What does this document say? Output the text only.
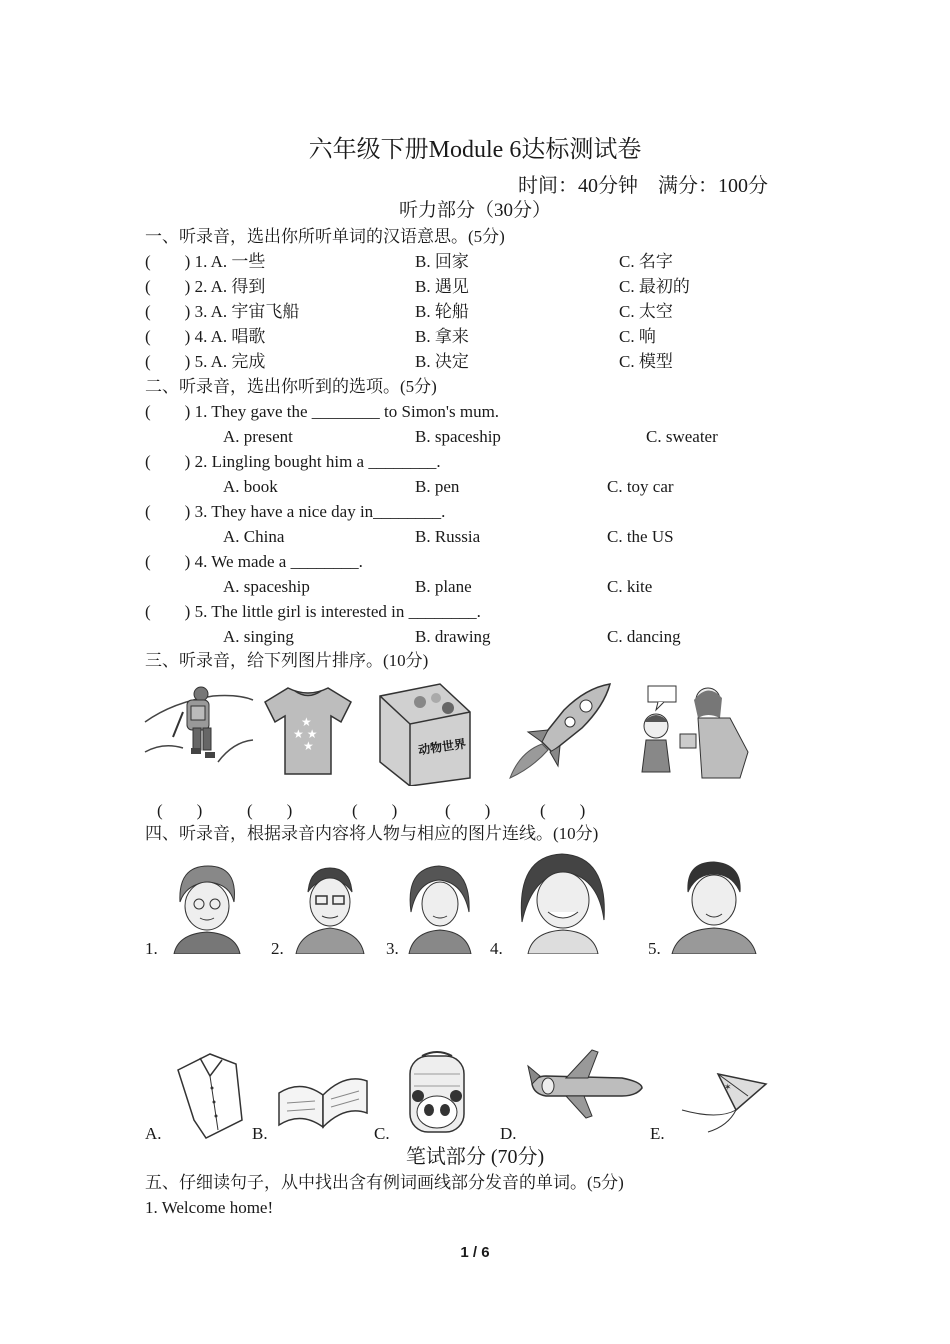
六年级下册Module 6达标测试卷
时间：40分钟　满分：100分
听力部分（30分）
一、听录音，选出你所听单词的汉语意思。(5分)
(　　) 1. A. 一些	B. 回家	C. 名字
(　　) 2. A. 得到	B. 遇见	C. 最初的
(　　) 3. A. 宇宙飞船	B. 轮船	C. 太空
(　　) 4. A. 唱歌	B. 拿来	C. 响
(　　) 5. A. 完成	B. 决定	C. 模型
二、听录音，选出你听到的选项。(5分)
(　　) 1. They gave the ________ to Simon's mum.
A. present	B. spaceship	C. sweater
(　　) 2. Lingling bought him a ________.
A. book	B. pen	C. toy car
(　　) 3. They have a nice day in________.
A. China	B. Russia	C. the US
(　　) 4. We made a ________.
A. spaceship	B. plane	C. kite
(　　) 5. The little girl is interested in ________.
A. singing	B. drawing	C. dancing
三、听录音，给下列图片排序。(10分)
★ ★
★
★	动物世界
(　　)	(　　)	(　　)	(　　)	(　　)
四、听录音，根据录音内容将人物与相应的图片连线。(10分)
1.	2.	3.	4.	5.
A.	B.	C.	D.	E.
✶
笔试部分 (70分)
五、仔细读句子，从中找出含有例词画线部分发音的单词。(5分)
1. Welcome home!
1 / 6
